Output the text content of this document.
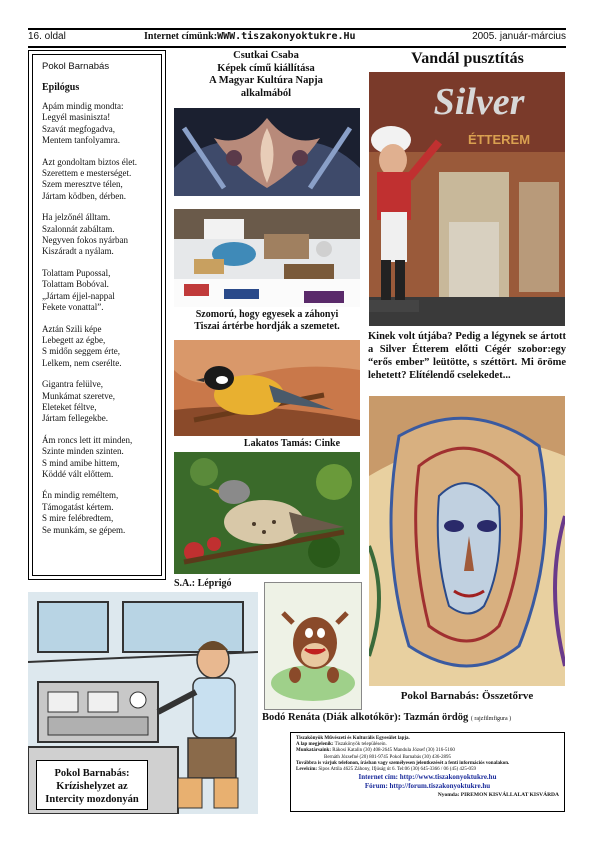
16. oldal	Internet címünk:WWW.tiszakonyoktukre.Hu	2005. január-március
Pokol Barnabás
Epilógus
Apám mindig mondta:
Legyél masiniszta!
Szavát megfogadva,
Mentem tanfolyamra.
Azt gondoltam biztos élet.
Szerettem e mesterséget.
Szem meresztve télen,
Jártam ködben, dérben.
Ha jelzőnél álltam.
Szalonnát zabáltam.
Negyven fokos nyárban
Kiszáradt a nyálam.
Tolattam Pupossal,
Tolattam Bobóval.
„Jártam éjjel-nappal
Fekete vonattal”.
Aztán Szili képe
Lebegett az égbe,
S midőn seggem érte,
Lelkem, nem cserélte.
Gigantra felülve,
Munkámat szeretve,
Eleteket féltve,
Jártam fellegekbe.
Ám roncs lett itt minden,
Szinte minden szinten.
S mind amibe hittem,
Köddé vált előttem.
Én mindig reméltem,
Támogatást kértem.
S mire felébredtem,
Se munkám, se gépem.
Csutkai Csaba
Képek című kiállítása
A Magyar Kultúra Napja
alkalmából
Szomorú, hogy egyesek a záhonyi
Tiszai ártérbe hordják a szemetet.
Lakatos Tamás: Cinke
S.A.: Léprigó
Vandál pusztítás
Silver
ÉTTEREM
Kinek volt útjába? Pedig a légynek se ártott a Silver Étterem előtti Cégér szobor:egy “erős ember” leütötte, s széttört. Mi öröme lehetett? Elítélendő cselekedet...
Pokol Barnabás: Összetőrve
Bodó Renáta (Diák alkotókör): Tazmán ördög ( rajzfilmfigura )
Pokol Barnabás:
Krízishelyzet az
Intercity mozdonyán
Tiszakönyök Művészeti és Kulturális Egyesület lapja.
A lap megjelenik: Tiszakönyök településein.
Munkatársaink: Rákosi Katalin (30) 408-2645 Mandula József (30) 316-5160
Bernáth Józsefné (20) 801-9745 Pokol Barnabás (30) 436-2895
Továbbra is várjuk telefonon, írásban vagy személyesen jelentkezését a fenti információs vonalakon.
Levelcím: Sipos Attila 4625 Záhony, Ifjúság út 6. Tel:06 (30) 645-3366 / 06 (45) 425-059
Internet cím: http://www.tiszakonyoktukre.hu
Fórum: http://forum.tiszakonyoktukre.hu
Nyomda: PIREMON KISVÁLLALAT KISVÁRDA
